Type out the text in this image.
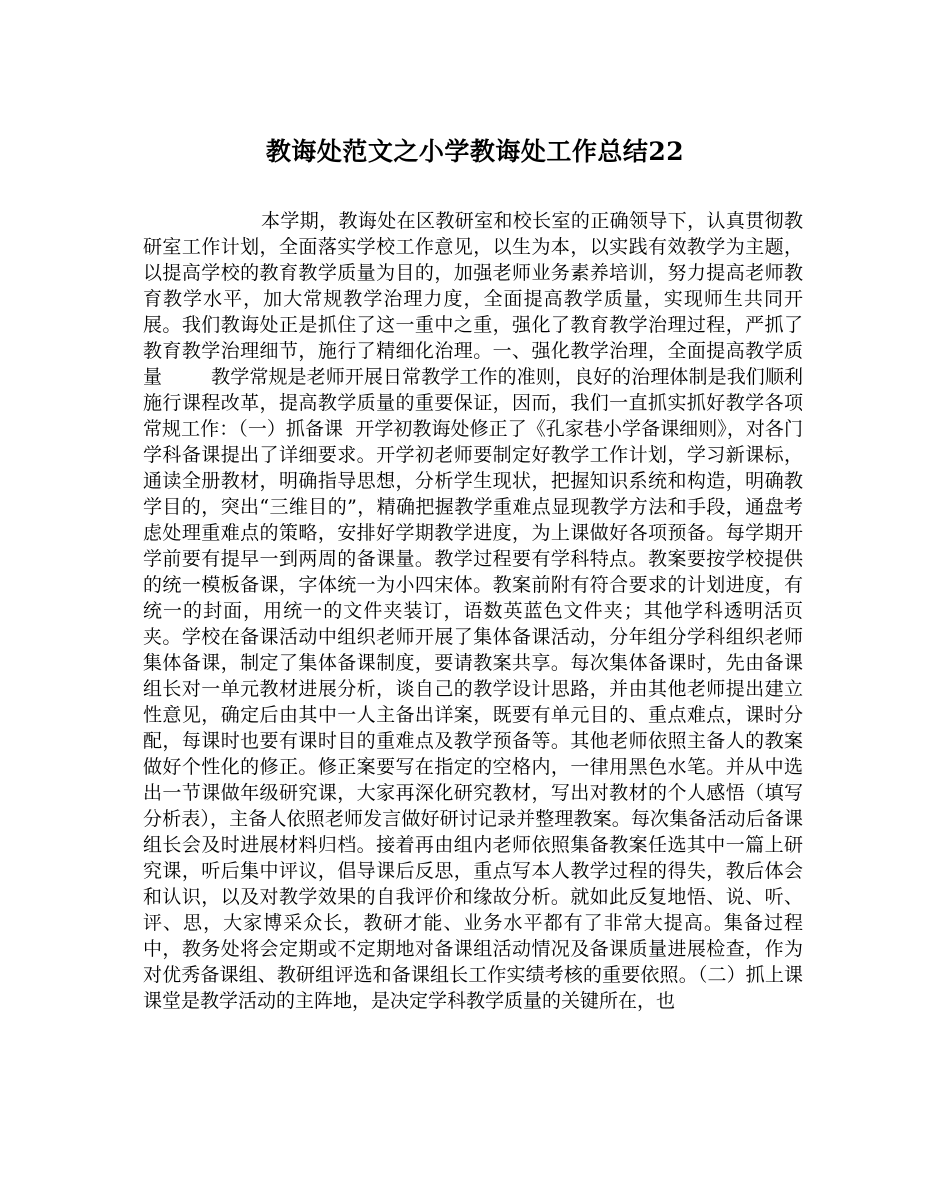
教诲处范文之小学教诲处工作总结22

本学期，教诲处在区教研室和校长室的正确领导下，认真贯彻教研室工作计划，全面落实学校工作意见，以生为本，以实践有效教学为主题，以提高学校的教育教学质量为目的，加强老师业务素养培训，努力提高老师教育教学水平，加大常规教学治理力度，全面提高教学质量，实现师生共同开展。我们教诲处正是抓住了这一重中之重，强化了教育教学治理过程，严抓了教育教学治理细节，施行了精细化治理。一、强化教学治理，全面提高教学质量        教学常规是老师开展日常教学工作的准则，良好的治理体制是我们顺利施行课程改革，提高教学质量的重要保证，因而，我们一直抓实抓好教学各项常规工作：（一）抓备课  开学初教诲处修正了《孔家巷小学备课细则》，对各门学科备课提出了详细要求。开学初老师要制定好教学工作计划，学习新课标，通读全册教材，明确指导思想，分析学生现状，把握知识系统和构造，明确教学目的，突出“三维目的”，精确把握教学重难点显现教学方法和手段，通盘考虑处理重难点的策略，安排好学期教学进度，为上课做好各项预备。每学期开学前要有提早一到两周的备课量。教学过程要有学科特点。教案要按学校提供的统一模板备课，字体统一为小四宋体。教案前附有符合要求的计划进度，有统一的封面，用统一的文件夹装订，语数英蓝色文件夹；其他学科透明活页夹。学校在备课活动中组织老师开展了集体备课活动，分年组分学科组织老师集体备课，制定了集体备课制度，要请教案共享。每次集体备课时，先由备课组长对一单元教材进展分析，谈自己的教学设计思路，并由其他老师提出建立性意见，确定后由其中一人主备出详案，既要有单元目的、重点难点，课时分配，每课时也要有课时目的重难点及教学预备等。其他老师依照主备人的教案做好个性化的修正。修正案要写在指定的空格内，一律用黑色水笔。并从中选出一节课做年级研究课，大家再深化研究教材，写出对教材的个人感悟（填写分析表），主备人依照老师发言做好研讨记录并整理教案。每次集备活动后备课组长会及时进展材料归档。接着再由组内老师依照集备教案任选其中一篇上研究课，听后集中评议，倡导课后反思，重点写本人教学过程的得失，教后体会和认识，以及对教学效果的自我评价和缘故分析。就如此反复地悟、说、听、评、思，大家博采众长，教研才能、业务水平都有了非常大提高。集备过程中，教务处将会定期或不定期地对备课组活动情况及备课质量进展检查，作为对优秀备课组、教研组评选和备课组长工作实绩考核的重要依照。（二）抓上课  课堂是教学活动的主阵地，是决定学科教学质量的关键所在，也
